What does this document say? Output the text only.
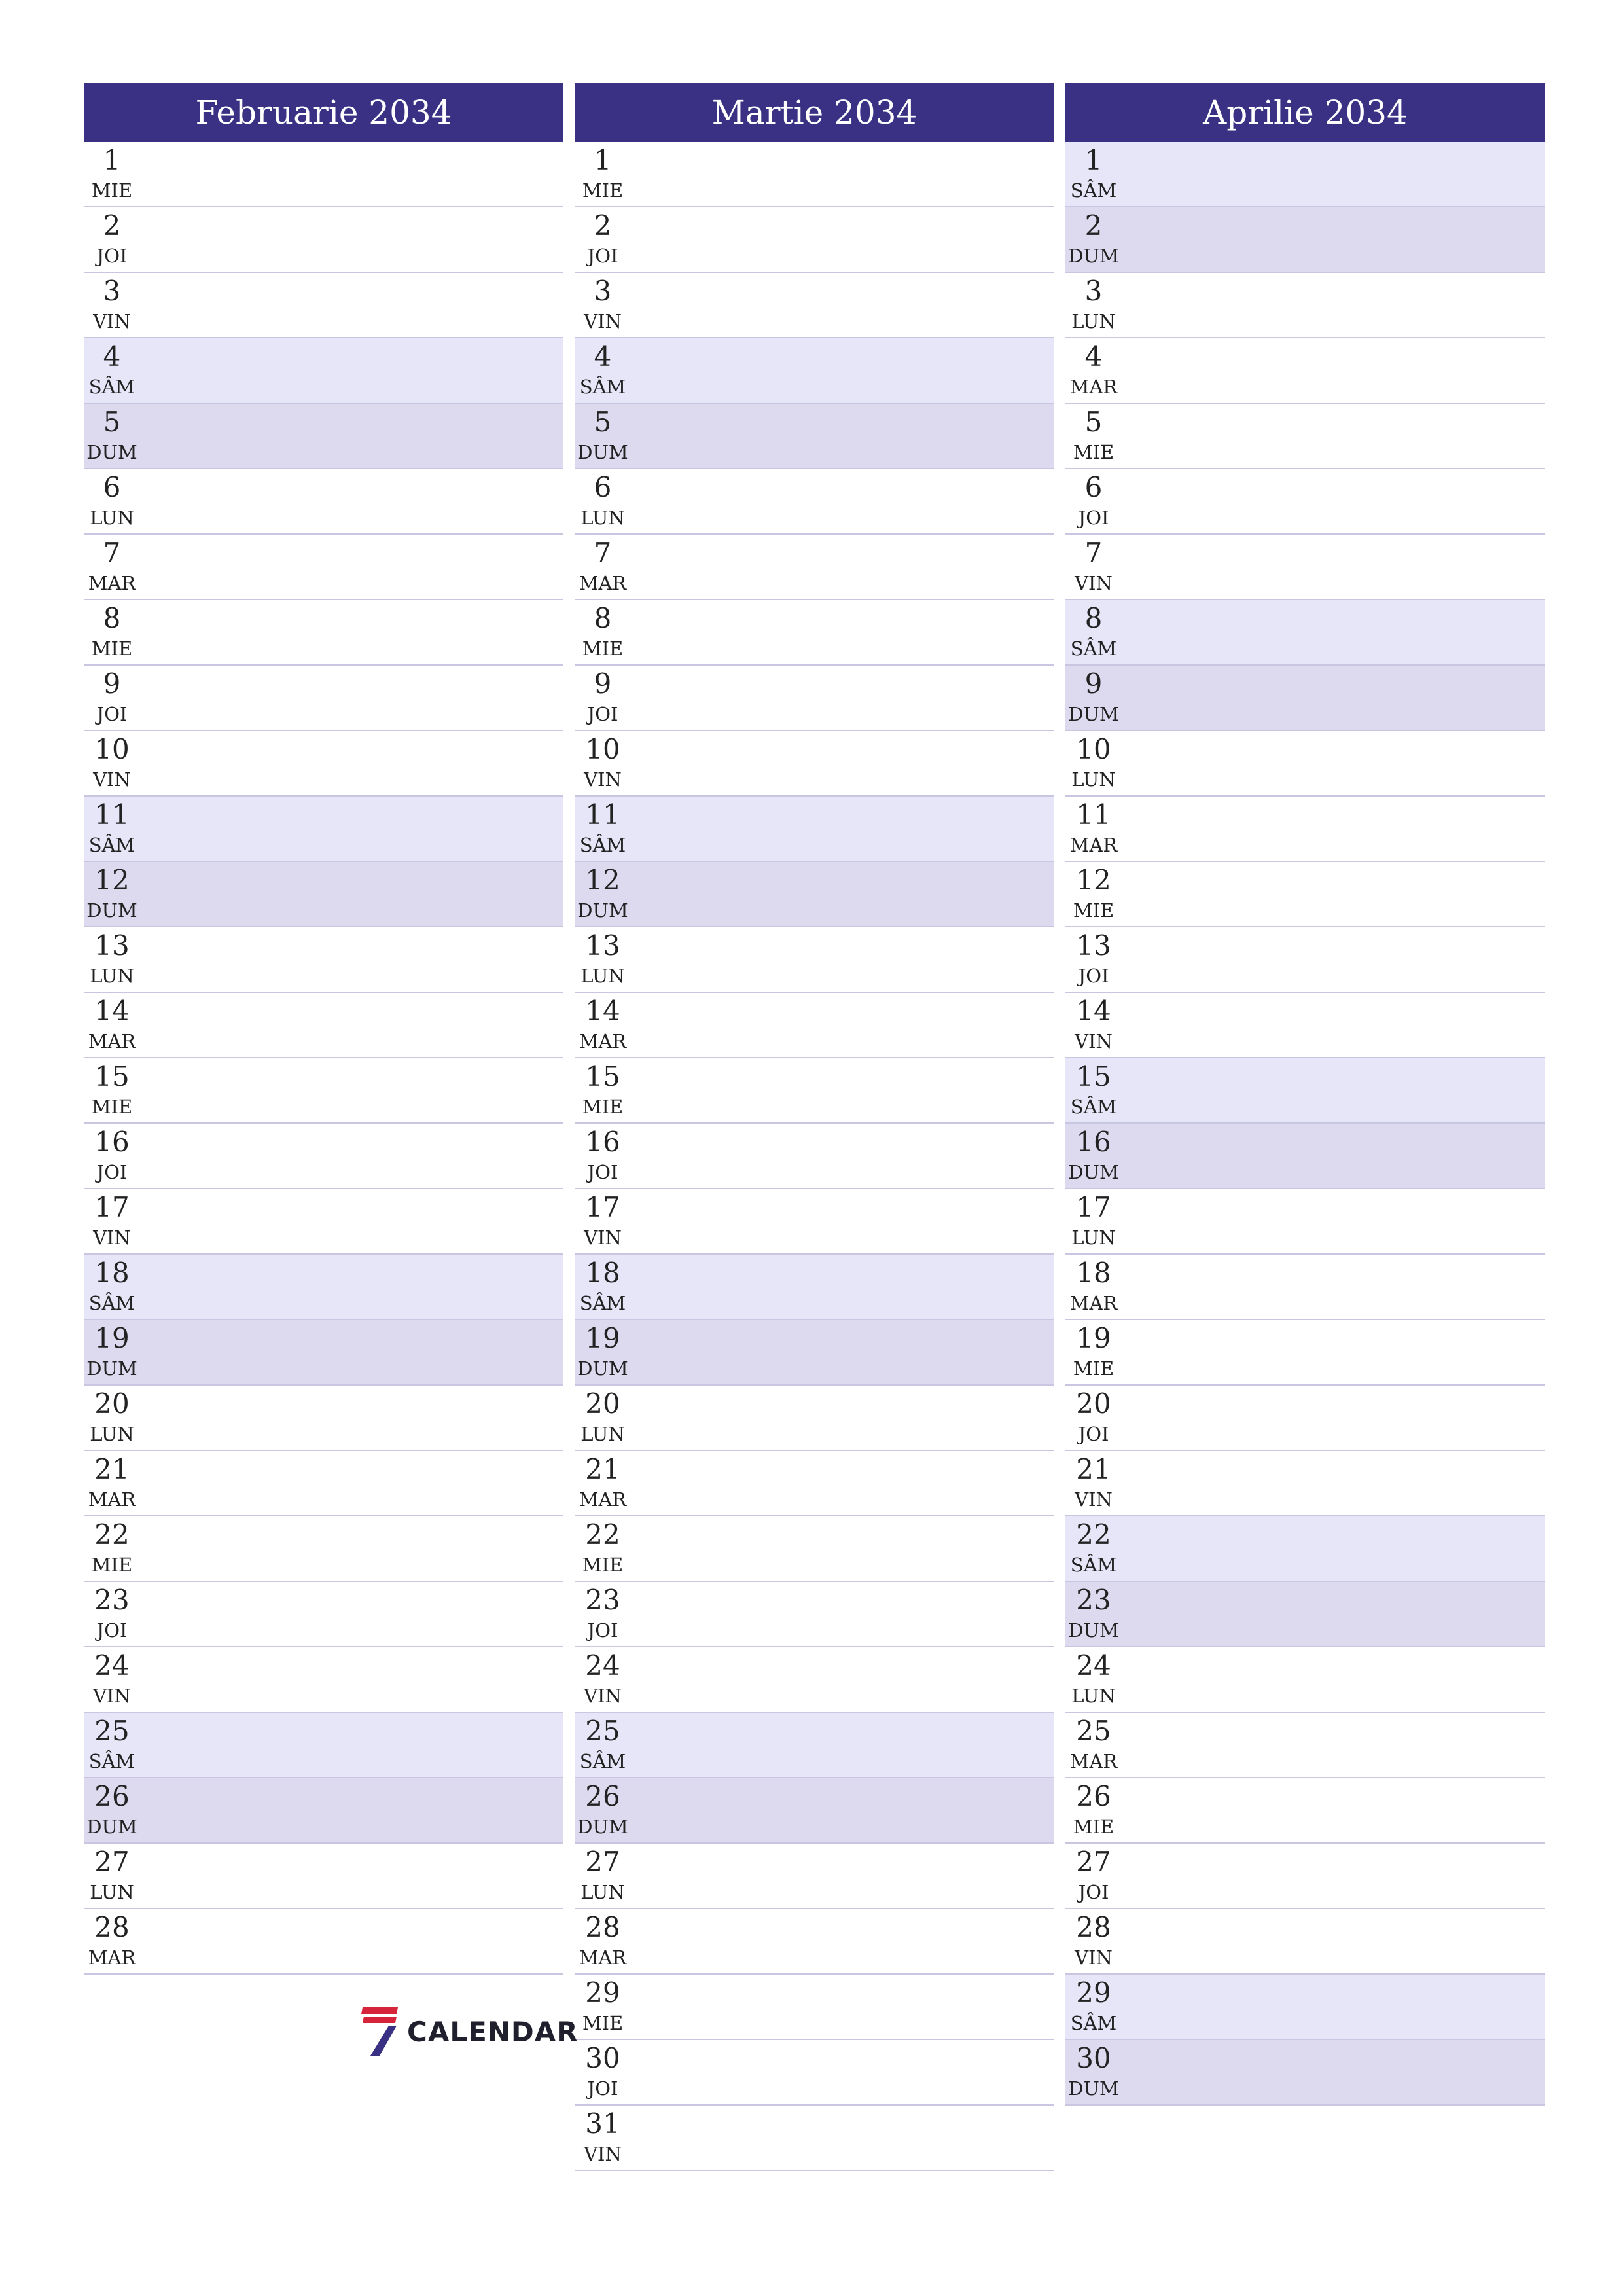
Februarie 2034
1
MIE
2
JOI
3
VIN
4
SÂM
5
DUM
6
LUN
7
MAR
8
MIE
9
JOI
10
VIN
11
SÂM
12
DUM
13
LUN
14
MAR
15
MIE
16
JOI
17
VIN
18
SÂM
19
DUM
20
LUN
21
MAR
22
MIE
23
JOI
24
VIN
25
SÂM
26
DUM
27
LUN
28
MAR
Martie 2034
1
MIE
2
JOI
3
VIN
4
SÂM
5
DUM
6
LUN
7
MAR
8
MIE
9
JOI
10
VIN
11
SÂM
12
DUM
13
LUN
14
MAR
15
MIE
16
JOI
17
VIN
18
SÂM
19
DUM
20
LUN
21
MAR
22
MIE
23
JOI
24
VIN
25
SÂM
26
DUM
27
LUN
28
MAR
29
MIE
30
JOI
31
VIN
Aprilie 2034
1
SÂM
2
DUM
3
LUN
4
MAR
5
MIE
6
JOI
7
VIN
8
SÂM
9
DUM
10
LUN
11
MAR
12
MIE
13
JOI
14
VIN
15
SÂM
16
DUM
17
LUN
18
MAR
19
MIE
20
JOI
21
VIN
22
SÂM
23
DUM
24
LUN
25
MAR
26
MIE
27
JOI
28
VIN
29
SÂM
30
DUM
CALENDAR
